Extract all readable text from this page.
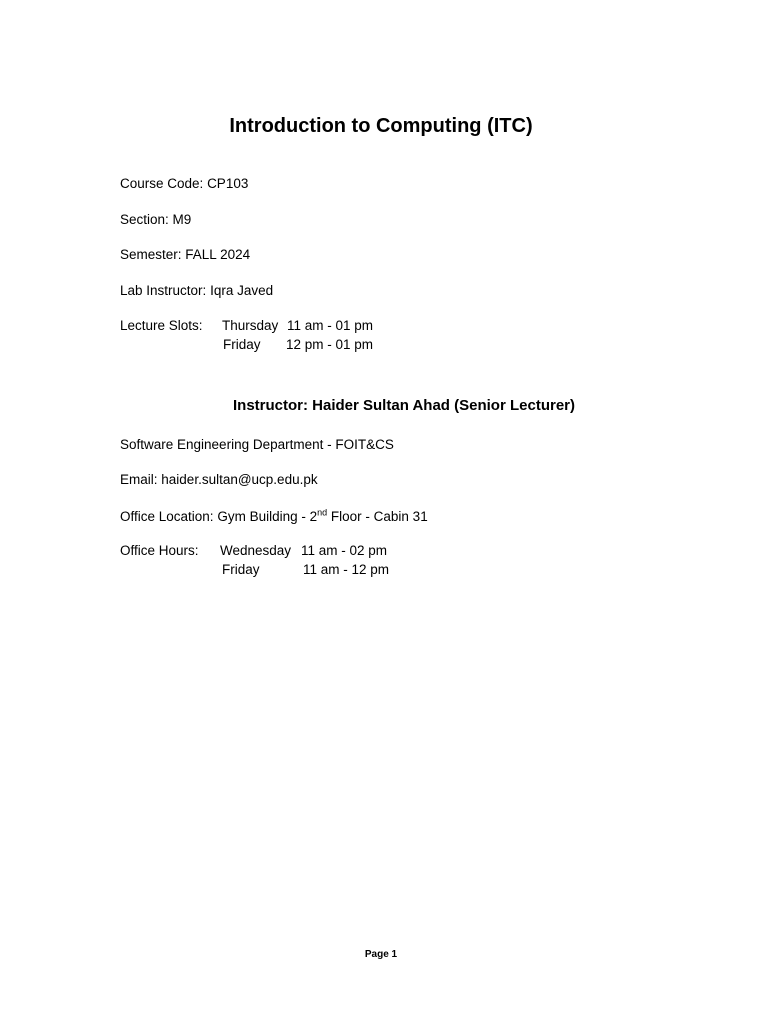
Introduction to Computing (ITC)
Course Code: CP103
Section: M9
Semester: FALL 2024
Lab Instructor: Iqra Javed
Lecture Slots: Thursday 11 am - 01 pm
Friday 12 pm - 01 pm
Instructor: Haider Sultan Ahad (Senior Lecturer)
Software Engineering Department - FOIT&CS
Email: haider.sultan@ucp.edu.pk
Office Location: Gym Building - 2nd Floor - Cabin 31
Office Hours: Wednesday 11 am - 02 pm
Friday	11 am - 12 pm
Page 1
